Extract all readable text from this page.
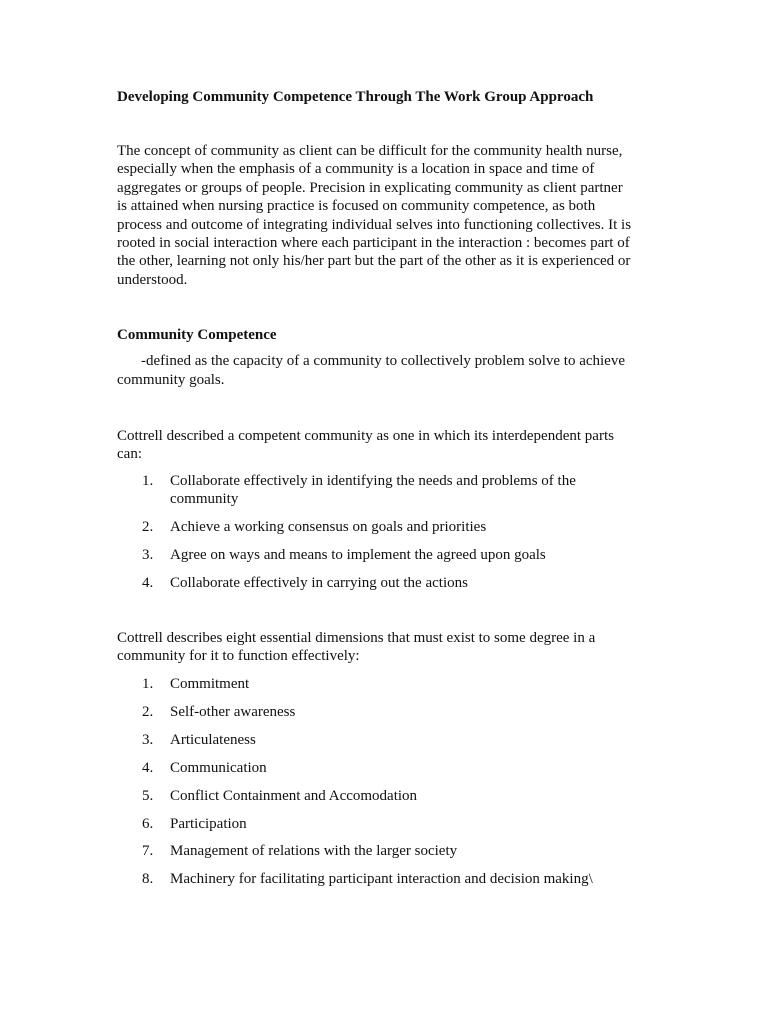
Developing Community Competence Through The Work Group Approach

The concept of community as client can be difficult for the community health nurse,
especially when the emphasis of a community is a location in space and time of
aggregates or groups of people. Precision in explicating community as client partner
is attained when nursing practice is focused on community competence, as both
process and outcome of integrating individual selves into functioning collectives. It is
rooted in social interaction where each participant in the interaction : becomes part of
the other, learning not only his/her part but the part of the other as it is experienced or
understood.

Community Competence

-defined as the capacity of a community to collectively problem solve to achieve
community goals.

Cottrell described a competent community as one in which its interdependent parts
can:

1.	Collaborate effectively in identifying the needs and problems of the
community
2.	Achieve a working consensus on goals and priorities
3.	Agree on ways and means to implement the agreed upon goals
4.	Collaborate effectively in carrying out the actions

Cottrell describes eight essential dimensions that must exist to some degree in a
community for it to function effectively:

1.	Commitment
2.	Self-other awareness
3.	Articulateness
4.	Communication
5.	Conflict Containment and Accomodation
6.	Participation
7.	Management of relations with the larger society
8.	Machinery for facilitating participant interaction and decision making\
